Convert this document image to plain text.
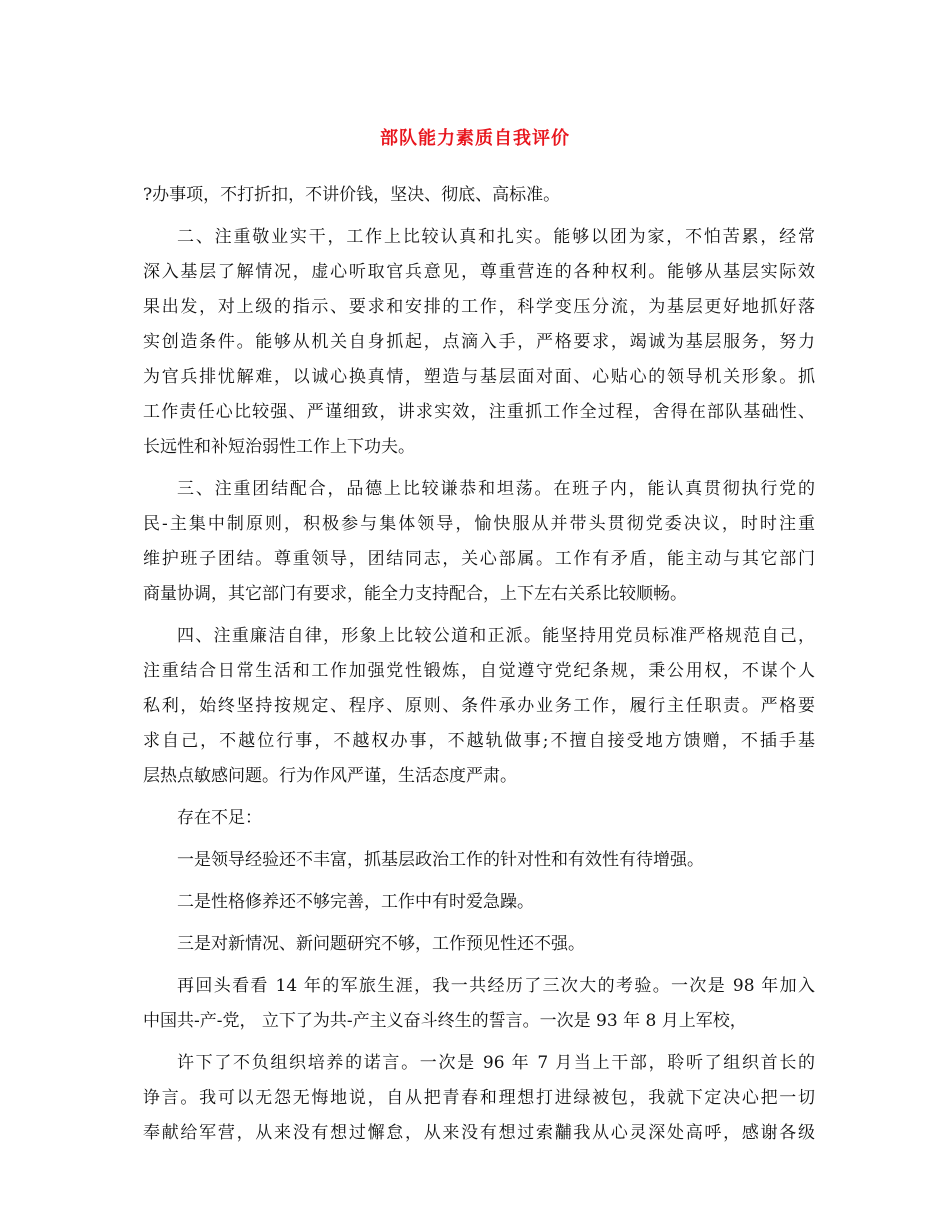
部队能力素质自我评价
?办事项，不打折扣，不讲价钱，坚决、彻底、高标准。
二、注重敬业实干，工作上比较认真和扎实。能够以团为家，不怕苦累，经常
深入基层了解情况，虚心听取官兵意见，尊重营连的各种权利。能够从基层实际效
果出发，对上级的指示、要求和安排的工作，科学变压分流，为基层更好地抓好落
实创造条件。能够从机关自身抓起，点滴入手，严格要求，竭诚为基层服务，努力
为官兵排忧解难，以诚心换真情，塑造与基层面对面、心贴心的领导机关形象。抓
工作责任心比较强、严谨细致，讲求实效，注重抓工作全过程，舍得在部队基础性、
长远性和补短治弱性工作上下功夫。
三、注重团结配合，品德上比较谦恭和坦荡。在班子内，能认真贯彻执行党的
民-主集中制原则，积极参与集体领导，愉快服从并带头贯彻党委决议，时时注重
维护班子团结。尊重领导，团结同志，关心部属。工作有矛盾，能主动与其它部门
商量协调，其它部门有要求，能全力支持配合，上下左右关系比较顺畅。
四、注重廉洁自律，形象上比较公道和正派。能坚持用党员标准严格规范自己，
注重结合日常生活和工作加强党性锻炼，自觉遵守党纪条规，秉公用权，不谋个人
私利，始终坚持按规定、程序、原则、条件承办业务工作，履行主任职责。严格要
求自己，不越位行事，不越权办事，不越轨做事;不擅自接受地方馈赠，不插手基
层热点敏感问题。行为作风严谨，生活态度严肃。
存在不足：
一是领导经验还不丰富，抓基层政治工作的针对性和有效性有待增强。
二是性格修养还不够完善，工作中有时爱急躁。
三是对新情况、新问题研究不够，工作预见性还不强。
再回头看看 14 年的军旅生涯，我一共经历了三次大的考验。一次是 98 年加入
中国共-产-党， 立下了为共-产主义奋斗终生的誓言。一次是 93 年 8 月上军校，
许下了不负组织培养的诺言。一次是 96 年 7 月当上干部，聆听了组织首长的
诤言。我可以无怨无悔地说，自从把青春和理想打进绿被包，我就下定决心把一切
奉献给军营，从来没有想过懈怠，从来没有想过索黼我从心灵深处高呼，感谢各级
